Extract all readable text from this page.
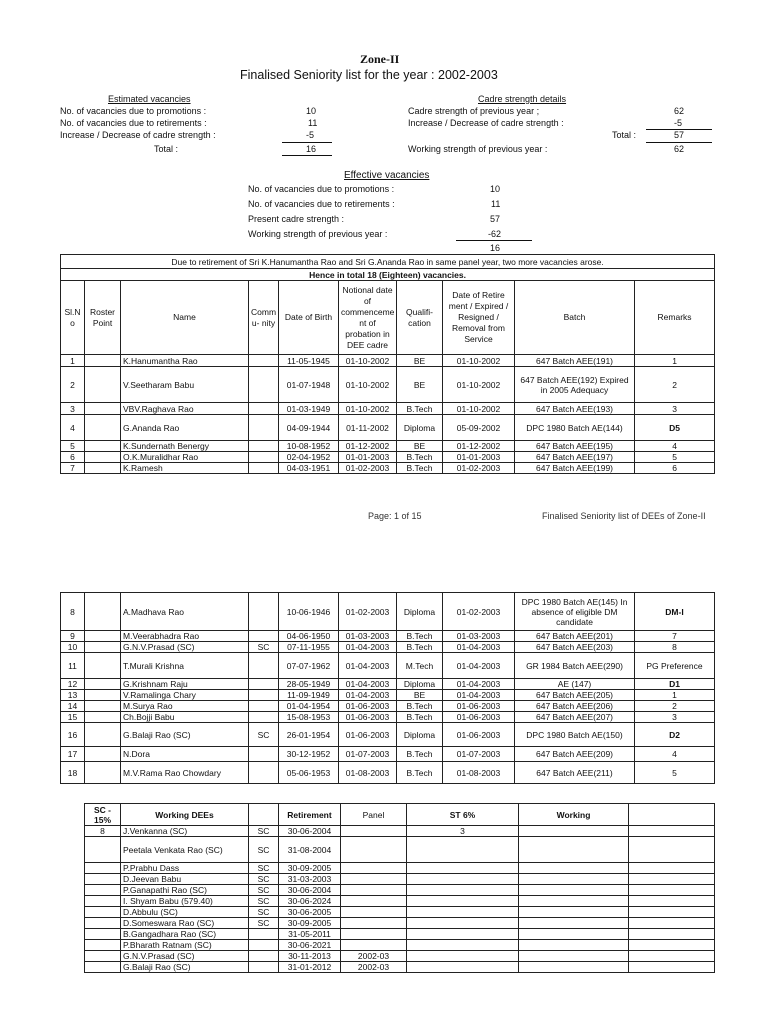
Zone-II
Finalised Seniority list for the year : 2002-2003
Estimated vacancies
No. of vacancies due to promotions :	10
No. of vacancies due to retirements :	11
Increase / Decrease of cadre strength :	-5
Total :	16
Cadre strength details
Cadre strength of previous year ;	62
Increase / Decrease of cadre strength :	-5
Total :	57
Working strength of previous year :	62
Effective vacancies
No. of vacancies due to promotions :	10
No. of vacancies due to retirements :	11
Present cadre strength :	57
Working strength of previous year :	-62
16
Due to retirement of Sri K.Hanumantha Rao and Sri G.Ananda Rao in same panel year, two more vacancies arose.									
Hence in total 18 (Eighteen) vacancies.									
Sl.N o	Roster Point	Name	Comm u- nity	Date of Birth	Notional date of commenceme nt of probation in DEE cadre	Qualifi- cation	Date of Retire ment / Expired / Resigned / Removal from Service	Batch	Remarks
1		K.Hanumantha Rao		11-05-1945	01-10-2002	BE	01-10-2002	647 Batch AEE(191)	1
2		V.Seetharam Babu		01-07-1948	01-10-2002	BE	01-10-2002	647 Batch AEE(192) Expired in 2005 Adequacy	2
3		VBV.Raghava Rao		01-03-1949	01-10-2002	B.Tech	01-10-2002	647 Batch AEE(193)	3
4		G.Ananda Rao		04-09-1944	01-11-2002	Diploma	05-09-2002	DPC 1980 Batch AE(144)	D5
5		K.Sundernath Benergy		10-08-1952	01-12-2002	BE	01-12-2002	647 Batch AEE(195)	4
6		O.K.Muralidhar Rao		02-04-1952	01-01-2003	B.Tech	01-01-2003	647 Batch AEE(197)	5
7		K.Ramesh		04-03-1951	01-02-2003	B.Tech	01-02-2003	647 Batch AEE(199)	6
Page: 1 of 15	Finalised Seniority list of DEEs of Zone-II
8		A.Madhava Rao		10-06-1946	01-02-2003	Diploma	01-02-2003	DPC 1980 Batch AE(145) In absence of eligible DM candidate	DM-I
9		M.Veerabhadra Rao		04-06-1950	01-03-2003	B.Tech	01-03-2003	647 Batch AEE(201)	7
10		G.N.V.Prasad (SC)	SC	07-11-1955	01-04-2003	B.Tech	01-04-2003	647 Batch AEE(203)	8
11		T.Murali Krishna		07-07-1962	01-04-2003	M.Tech	01-04-2003	GR 1984 Batch AEE(290)	PG Preference
12		G.Krishnam Raju		28-05-1949	01-04-2003	Diploma	01-04-2003	AE (147)	D1
13		V.Ramalinga Chary		11-09-1949	01-04-2003	BE	01-04-2003	647 Batch AEE(205)	1
14		M.Surya Rao		01-04-1954	01-06-2003	B.Tech	01-06-2003	647 Batch AEE(206)	2
15		Ch.Bojji Babu		15-08-1953	01-06-2003	B.Tech	01-06-2003	647 Batch AEE(207)	3
16		G.Balaji Rao (SC)	SC	26-01-1954	01-06-2003	Diploma	01-06-2003	DPC 1980 Batch AE(150)	D2
17		N.Dora		30-12-1952	01-07-2003	B.Tech	01-07-2003	647 Batch AEE(209)	4
18		M.V.Rama Rao Chowdary		05-06-1953	01-08-2003	B.Tech	01-08-2003	647 Batch AEE(211)	5
SC - 15%	Working DEEs		Retirement	Panel	ST 6%	Working	
8	J.Venkanna (SC)	SC	30-06-2004		3		
	Peetala Venkata Rao (SC)	SC	31-08-2004				
	P.Prabhu Dass	SC	30-09-2005				
	D.Jeevan Babu	SC	31-03-2003				
	P.Ganapathi Rao (SC)	SC	30-06-2004				
	I. Shyam Babu (579.40)	SC	30-06-2024				
	D.Abbulu (SC)	SC	30-06-2005				
	D.Someswara Rao (SC)	SC	30-09-2005				
	B.Gangadhara Rao (SC)		31-05-2011				
	P.Bharath Ratnam (SC)		30-06-2021				
	G.N.V.Prasad (SC)		30-11-2013	2002-03			
	G.Balaji Rao (SC)		31-01-2012	2002-03			
